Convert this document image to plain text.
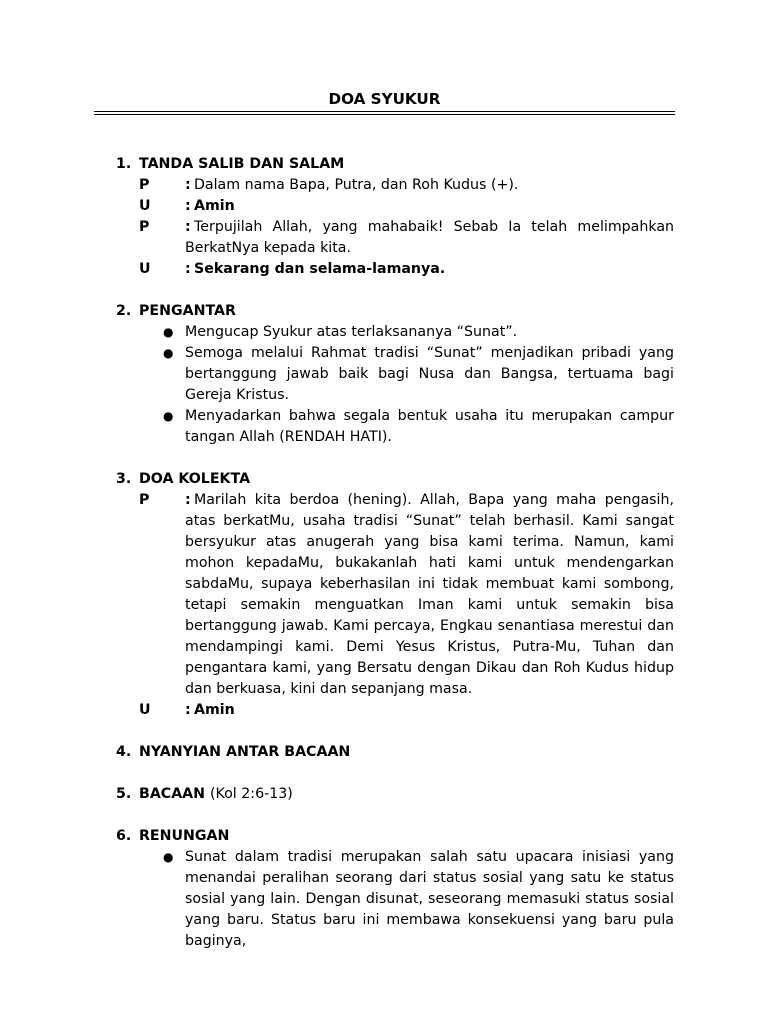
DOA SYUKUR
1. TANDA SALIB DAN SALAM
P	: Dalam nama Bapa, Putra, dan Roh Kudus (+).
U : Amin
P	: Terpujilah Allah, yang mahabaik! Sebab Ia telah melimpahkan BerkatNya kepada kita.
U : Sekarang dan selama-lamanya.
2. PENGANTAR
● Mengucap Syukur atas terlaksananya “Sunat”.
● Semoga melalui Rahmat tradisi “Sunat” menjadikan pribadi yang bertanggung jawab baik bagi Nusa dan Bangsa, tertuama bagi Gereja Kristus.
● Menyadarkan bahwa segala bentuk usaha itu merupakan campur tangan Allah (RENDAH HATI).
3. DOA KOLEKTA
P	: Marilah kita berdoa (hening). Allah, Bapa yang maha pengasih, atas berkatMu, usaha tradisi “Sunat” telah berhasil. Kami sangat bersyukur atas anugerah yang bisa kami terima. Namun, kami mohon kepadaMu, bukakanlah hati kami untuk mendengarkan sabdaMu, supaya keberhasilan ini tidak membuat kami sombong, tetapi semakin menguatkan Iman kami untuk semakin bisa bertanggung jawab. Kami percaya, Engkau senantiasa merestui dan mendampingi kami. Demi Yesus Kristus, Putra-Mu, Tuhan dan pengantara kami, yang Bersatu dengan Dikau dan Roh Kudus hidup dan berkuasa, kini dan sepanjang masa.
U : Amin
4. NYANYIAN ANTAR BACAAN
5. BACAAN (Kol 2:6-13)
6. RENUNGAN
● Sunat dalam tradisi merupakan salah satu upacara inisiasi yang menandai peralihan seorang dari status sosial yang satu ke status sosial yang lain. Dengan disunat, seseorang memasuki status sosial yang baru. Status baru ini membawa konsekuensi yang baru pula baginya,
